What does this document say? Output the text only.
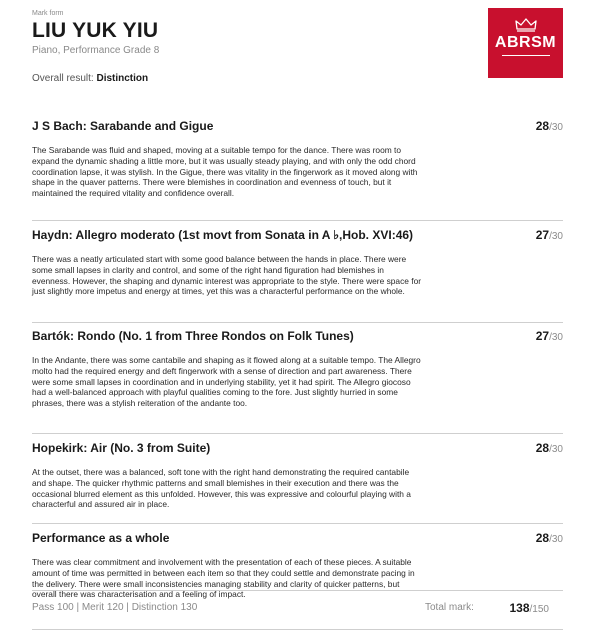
Mark form
LIU YUK YIU
Piano, Performance Grade 8
Overall result: Distinction
ABRSM
J S Bach: Sarabande and Gigue	28/30
The Sarabande was fluid and shaped, moving at a suitable tempo for the dance. There was room to expand the dynamic shading a little more, but it was usually steady playing, and with only the odd chord coordination lapse, it was stylish. In the Gigue, there was vitality in the fingerwork as it moved along with shape in the quaver patterns. There were blemishes in coordination and evenness of touch, but it maintained the required vitality and confidence overall.
Haydn: Allegro moderato (1st movt from Sonata in A ♭,Hob. XVI:46)	27/30
There was a neatly articulated start with some good balance between the hands in place. There were some small lapses in clarity and control, and some of the right hand figuration had blemishes in evenness. However, the shaping and dynamic interest was appropriate to the style. There were space for just slightly more impetus and energy at times, yet this was a characterful performance on the whole.
Bartók: Rondo (No. 1 from Three Rondos on Folk Tunes)	27/30
In the Andante, there was some cantabile and shaping as it flowed along at a suitable tempo. The Allegro molto had the required energy and deft fingerwork with a sense of direction and part awareness. There were some small lapses in coordination and in underlying stability, yet it had spirit. The Allegro giocoso had a well-balanced approach with playful qualities coming to the fore. Just slightly hurried in some phrases, there was a stylish reiteration of the andante too.
Hopekirk: Air (No. 3 from Suite)	28/30
At the outset, there was a balanced, soft tone with the right hand demonstrating the required cantabile and shape. The quicker rhythmic patterns and small blemishes in their execution and there was the occasional blurred element as this unfolded. However, this was expressive and colourful playing with a characterful and assured air in place.
Performance as a whole	28/30
There was clear commitment and involvement with the presentation of each of these pieces. A suitable amount of time was permitted in between each item so that they could settle and demonstrate pacing in the delivery. There were small inconsistencies managing stability and clarity of quicker patterns, but overall there was characterisation and a feeling of impact.
Pass 100 | Merit 120 | Distinction 130	Total mark:	138/150
